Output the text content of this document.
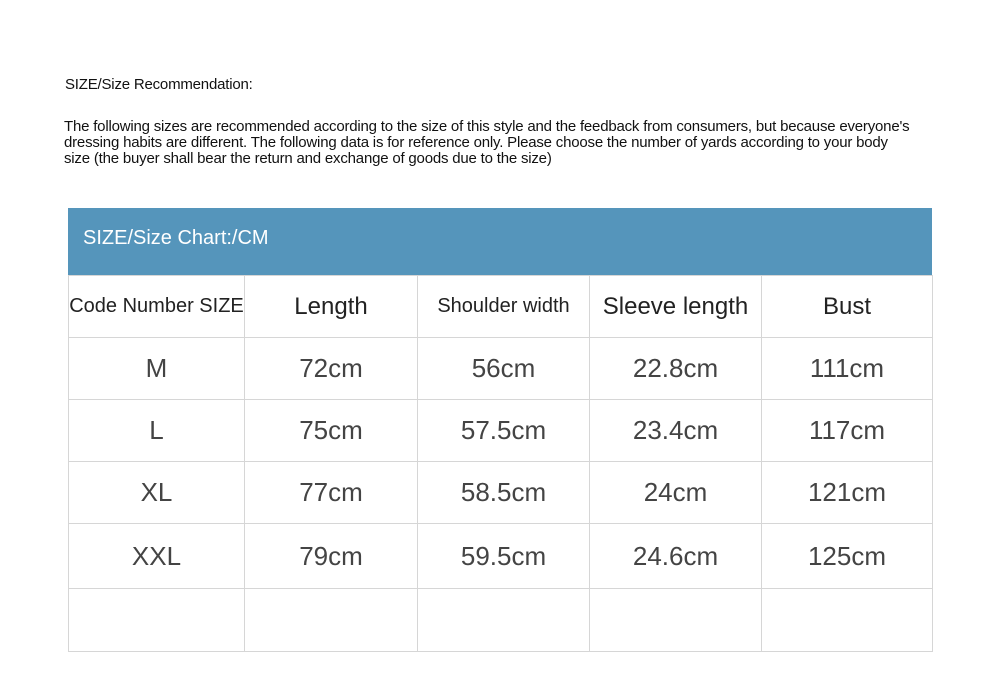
SIZE/Size Recommendation:
The following sizes are recommended according to the size of this style and the feedback from consumers, but because everyone's dressing habits are different. The following data is for reference only. Please choose the number of yards according to your body size (the buyer shall bear the return and exchange of goods due to the size)
SIZE/Size Chart:/CM
Code Number SIZE	Length	Shoulder width	Sleeve length	Bust
M	72cm	56cm	22.8cm	111cm
L	75cm	57.5cm	23.4cm	117cm
XL	77cm	58.5cm	24cm	121cm
XXL	79cm	59.5cm	24.6cm	125cm
